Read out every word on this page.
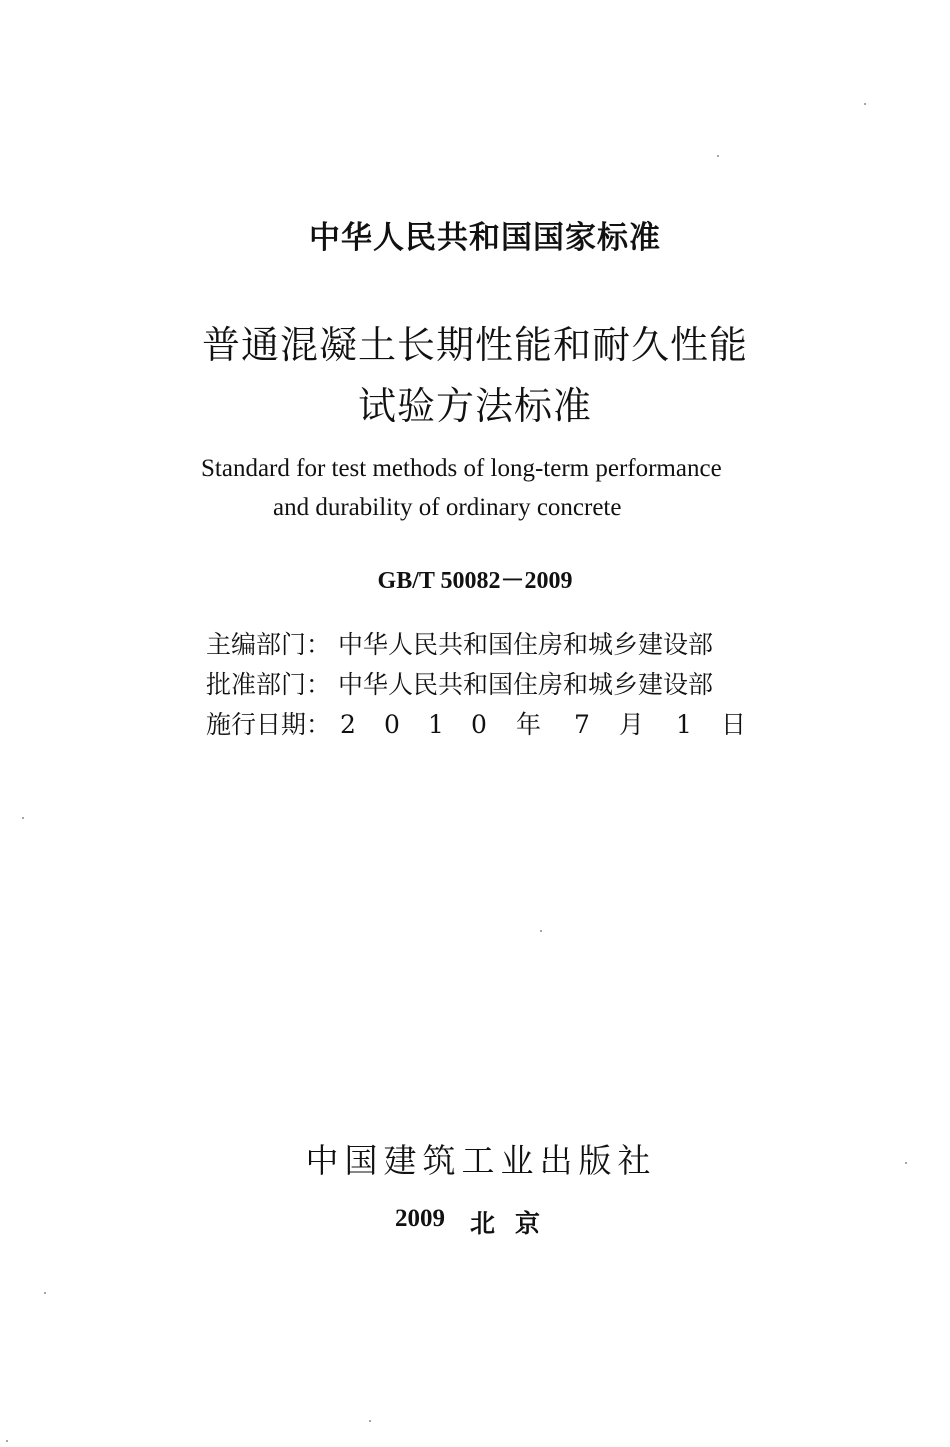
中华人民共和国国家标准
普通混凝土长期性能和耐久性能
试验方法标准
Standard for test methods of long-term performance
and durability of ordinary concrete
GB/T 50082－2009
主编部门： 中华人民共和国住房和城乡建设部
批准部门： 中华人民共和国住房和城乡建设部
施行日期： 2 0 1 0 年 7 月 1 日
中国建筑工业出版社
2009 北京
